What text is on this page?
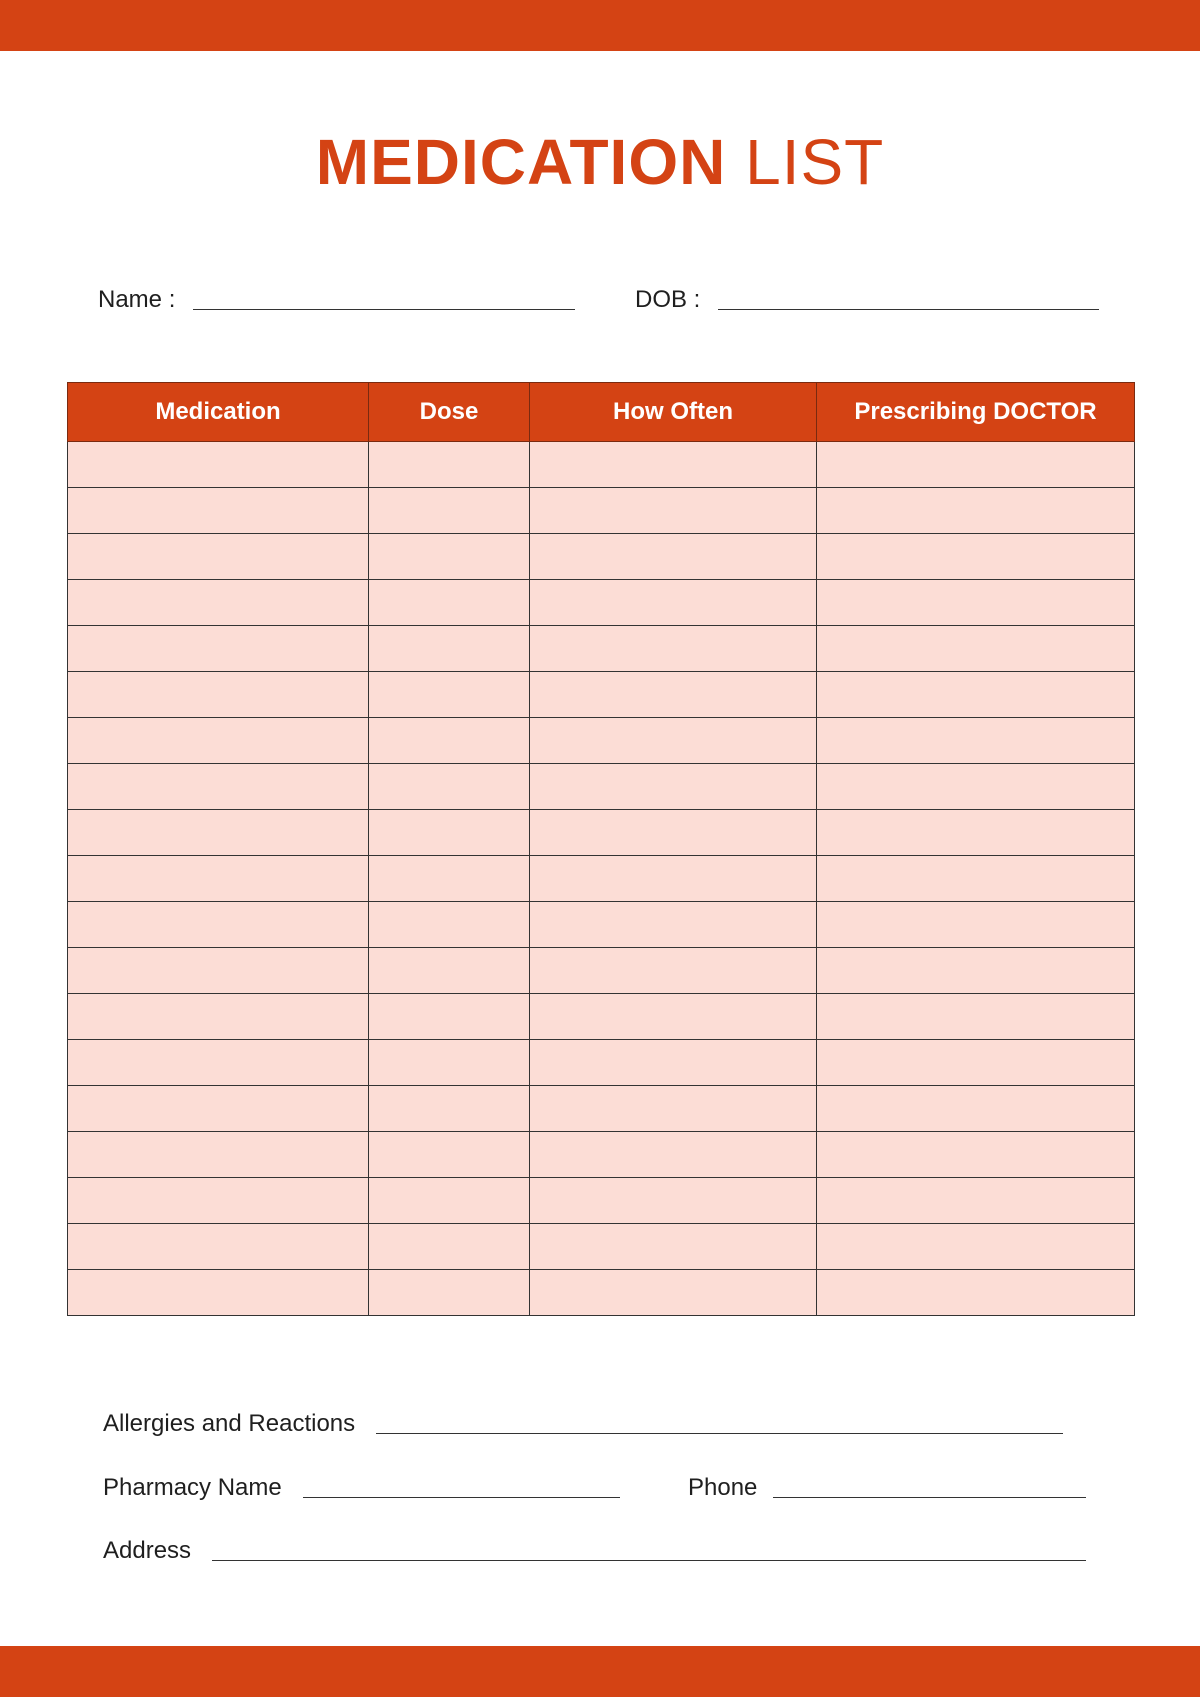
MEDICATION LIST
Name :	DOB :
Medication	Dose	How Often	Prescribing DOCTOR

Allergies and Reactions
Pharmacy Name	Phone
Address
